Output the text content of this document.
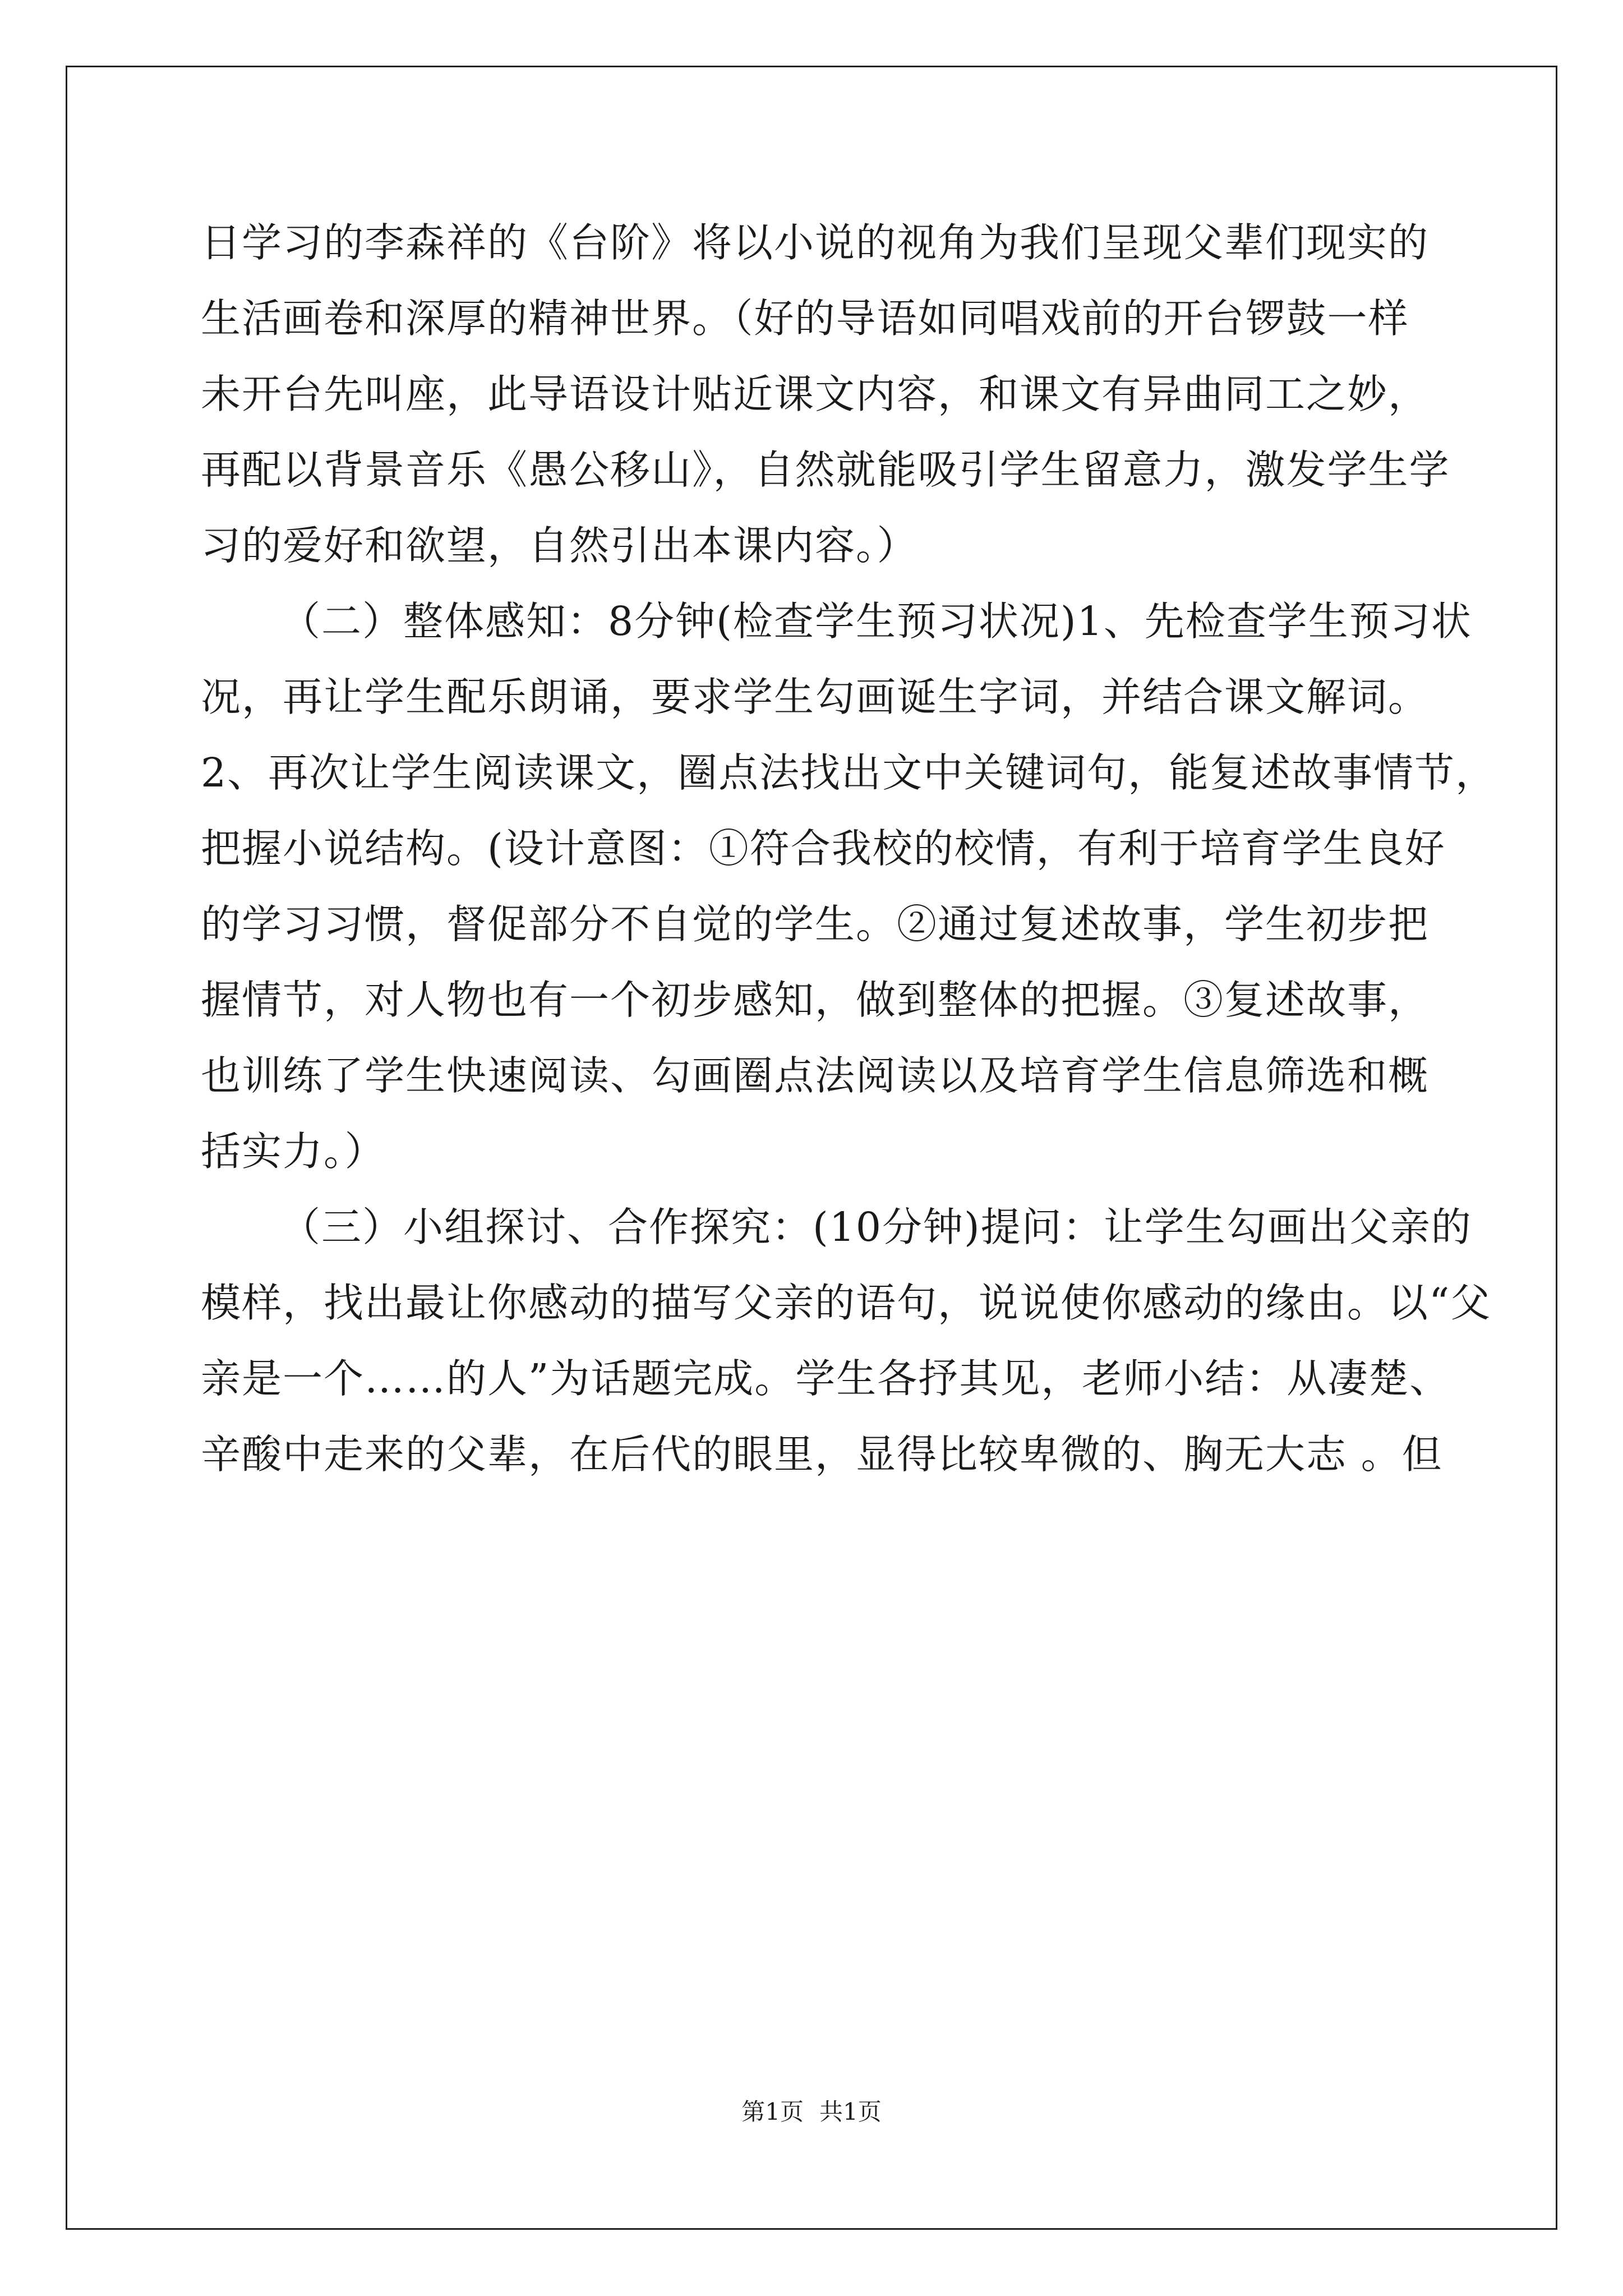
日学习的李森祥的《台阶》将以小说的视角为我们呈现父辈们现实的
生活画卷和深厚的精神世界。（好的导语如同唱戏前的开台锣鼓一样
未开台先叫座，此导语设计贴近课文内容，和课文有异曲同工之妙，
再配以背景音乐《愚公移山》，自然就能吸引学生留意力，激发学生学
习的爱好和欲望，自然引出本课内容。）
（二）整体感知：8分钟(检查学生预习状况)1、先检查学生预习状
况，再让学生配乐朗诵，要求学生勾画诞生字词，并结合课文解词。
2、再次让学生阅读课文，圈点法找出文中关键词句，能复述故事情节，
把握小说结构。(设计意图：①符合我校的校情，有利于培育学生良好
的学习习惯，督促部分不自觉的学生。②通过复述故事，学生初步把
握情节，对人物也有一个初步感知，做到整体的把握。③复述故事，
也训练了学生快速阅读、勾画圈点法阅读以及培育学生信息筛选和概
括实力。）
（三）小组探讨、合作探究：(10分钟)提问：让学生勾画出父亲的
模样，找出最让你感动的描写父亲的语句，说说使你感动的缘由。以“父
亲是一个……的人”为话题完成。学生各抒其见，老师小结：从凄楚、
辛酸中走来的父辈，在后代的眼里，显得比较卑微的、胸无大志 。但
第1页 共1页
